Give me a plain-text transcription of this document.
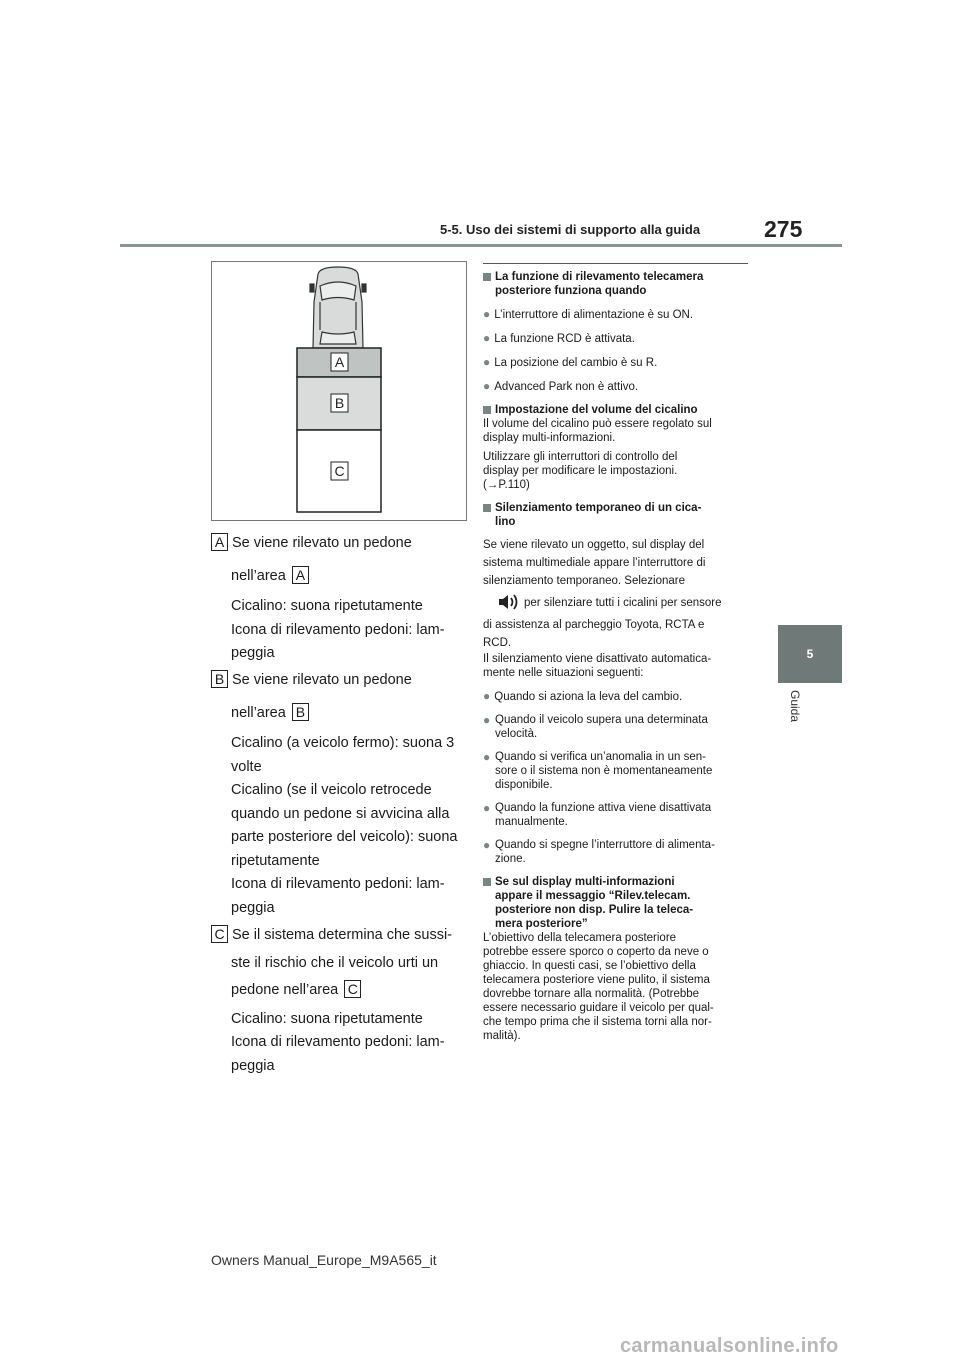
5-5. Uso dei sistemi di supporto alla guida	275
5
Guida
A
B
C
A Se viene rilevato un pedone
nell’area A
Cicalino: suona ripetutamente
Icona di rilevamento pedoni: lam-
peggia
B Se viene rilevato un pedone
nell’area B
Cicalino (a veicolo fermo): suona 3
volte
Cicalino (se il veicolo retrocede
quando un pedone si avvicina alla
parte posteriore del veicolo): suona
ripetutamente
Icona di rilevamento pedoni: lam-
peggia
C Se il sistema determina che sussi-
ste il rischio che il veicolo urti un
pedone nell’area C
Cicalino: suona ripetutamente
Icona di rilevamento pedoni: lam-
peggia
La funzione di rilevamento telecamera
posteriore funziona quando
● L’interruttore di alimentazione è su ON.
● La funzione RCD è attivata.
● La posizione del cambio è su R.
● Advanced Park non è attivo.
Impostazione del volume del cicalino
Il volume del cicalino può essere regolato sul
display multi-informazioni.
Utilizzare gli interruttori di controllo del
display per modificare le impostazioni.
(→P.110)
Silenziamento temporaneo di un cica-
lino
Se viene rilevato un oggetto, sul display del
sistema multimediale appare l’interruttore di
silenziamento temporaneo. Selezionare
per silenziare tutti i cicalini per sensore
di assistenza al parcheggio Toyota, RCTA e
RCD.
Il silenziamento viene disattivato automatica-
mente nelle situazioni seguenti:
● Quando si aziona la leva del cambio.
● Quando il veicolo supera una determinata
velocità.
● Quando si verifica un’anomalia in un sen-
sore o il sistema non è momentaneamente
disponibile.
● Quando la funzione attiva viene disattivata
manualmente.
● Quando si spegne l’interruttore di alimenta-
zione.
Se sul display multi-informazioni
appare il messaggio “Rilev.telecam.
posteriore non disp. Pulire la teleca-
mera posteriore”
L’obiettivo della telecamera posteriore
potrebbe essere sporco o coperto da neve o
ghiaccio. In questi casi, se l’obiettivo della
telecamera posteriore viene pulito, il sistema
dovrebbe tornare alla normalità. (Potrebbe
essere necessario guidare il veicolo per qual-
che tempo prima che il sistema torni alla nor-
malità).
Owners Manual_Europe_M9A565_it
carmanualsonline.info
